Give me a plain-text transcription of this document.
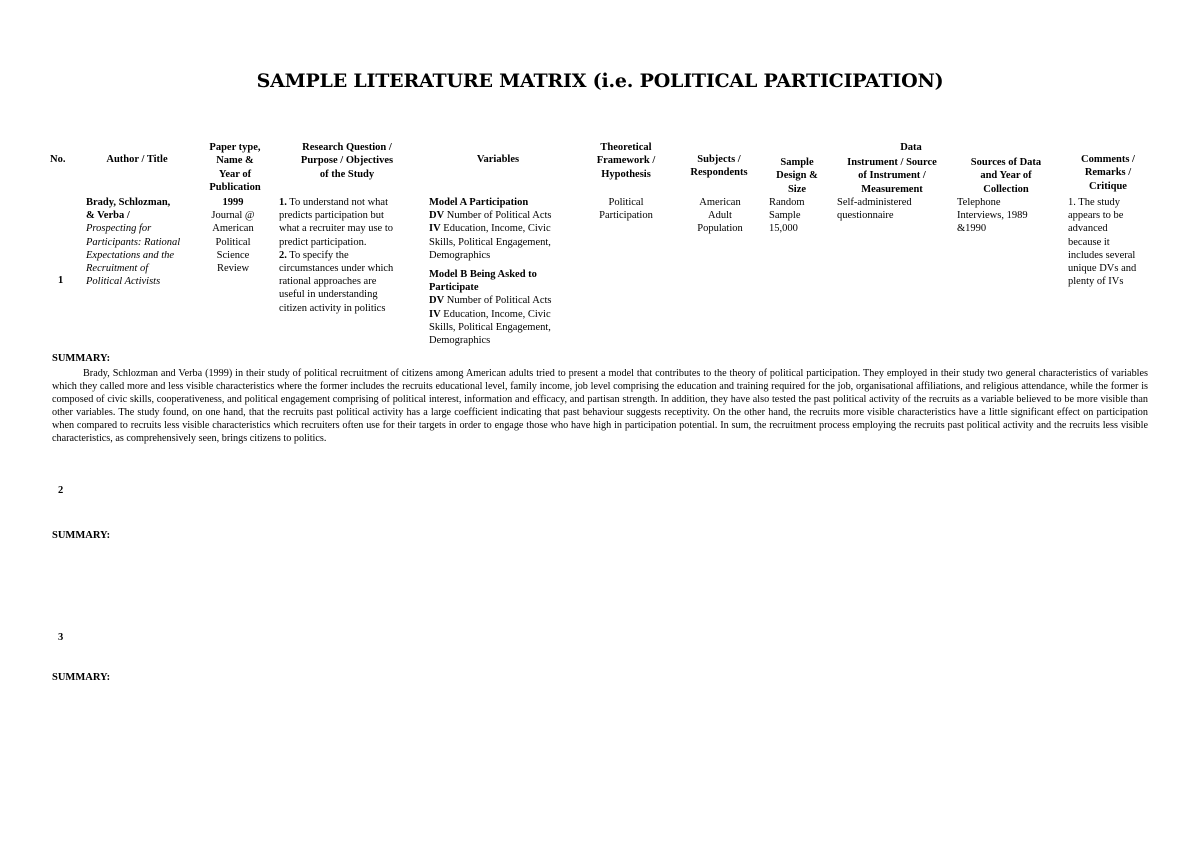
SAMPLE LITERATURE MATRIX (i.e. POLITICAL PARTICIPATION)
No.	Author / Title
Paper type,
Name &
Year of
Publication
Research Question /
Purpose / Objectives
of the Study
Variables
Theoretical
Framework /
Hypothesis
Subjects /
Respondents
Data
Sample
Design &
Size
Instrument / Source
of Instrument /
Measurement
Sources of Data
and Year of
Collection
Comments /
Remarks /
Critique
1
Brady, Schlozman,
& Verba /
Prospecting for
Participants: Rational
Expectations and the
Recruitment of
Political Activists
1999
Journal @
American
Political
Science
Review
1. To understand not what
predicts participation but
what a recruiter may use to
predict participation.
2. To specify the
circumstances under which
rational approaches are
useful in understanding
citizen activity in politics
Model A Participation
DV Number of Political Acts
IV Education, Income, Civic
Skills, Political Engagement,
Demographics
Model B Being Asked to
Participate
DV Number of Political Acts
IV Education, Income, Civic
Skills, Political Engagement,
Demographics
Political
Participation
American
Adult
Population
Random
Sample
15,000
Self-administered
questionnaire
Telephone
Interviews, 1989
&1990
1. The study
appears to be
advanced
because it
includes several
unique DVs and
plenty of IVs
SUMMARY:

Brady, Schlozman and Verba (1999) in their study of political recruitment of citizens among American adults tried to present a model that contributes to the theory of political participation. They employed in their study two general characteristics of variables which they called more and less visible characteristics where the former includes the recruits educational level, family income, job level comprising the education and training required for the job, organisational affiliations, and religious attendance, while the former is composed of civic skills, cooperativeness, and political engagement comprising of political interest, information and efficacy, and partisan strength. In addition, they have also tested the past political activity of the recruits as a variable believed to be more visible than other variables. The study found, on one hand, that the recruits past political activity has a large coefficient indicating that past behaviour suggests receptivity. On the other hand, the recruits more visible characteristics have a little significant effect on participation when compared to recruits less visible characteristics which recruiters often use for their targets in order to engage those who have high in participation potential. In sum, the recruitment process employing the recruits past political activity and the recruits less visible characteristics, as comprehensively seen, brings citizens to politics.

2
SUMMARY:
3
SUMMARY:
